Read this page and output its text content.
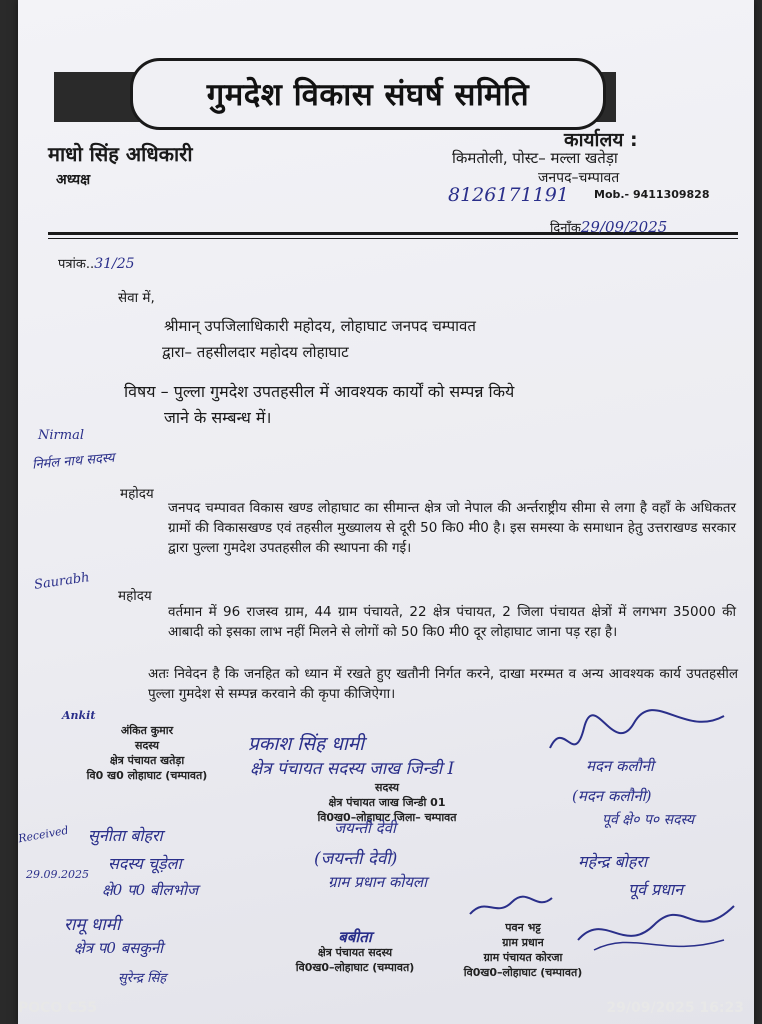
गुमदेश विकास संघर्ष समिति
कार्यालय :
माधो सिंह अधिकारी
अध्यक्ष
किमतोली, पोस्ट– मल्ला खतेड़ा
जनपद–चम्पावत
8126171191 Mob.- 9411309828
दिनाँक29/09/2025
पत्रांक..31/25
सेवा में,
श्रीमान् उपजिलाधिकारी महोदय, लोहाघाट जनपद चम्पावत
द्वारा– तहसीलदार महोदय लोहाघाट
विषय – पुल्ला गुमदेश उपतहसील में आवश्यक कार्यों को सम्पन्न किये
जाने के सम्बन्ध में।
Nirmal
निर्मल नाथ सदस्य
Saurabh
Received
29.09.2025
महोदय
जनपद चम्पावत विकास खण्ड लोहाघाट का सीमान्त क्षेत्र जो नेपाल की अर्न्तराष्ट्रीय सीमा से लगा है वहाँ के अधिकतर ग्रामों की विकासखण्ड एवं तहसील मुख्यालय से दूरी 50 कि0 मी0 है। इस समस्या के समाधान हेतु उत्तराखण्ड सरकार द्वारा पुल्ला गुमदेश उपतहसील की स्थापना की गई।
महोदय
वर्तमान में 96 राजस्व ग्राम, 44 ग्राम पंचायते, 22 क्षेत्र पंचायत, 2 जिला पंचायत क्षेत्रों में लगभग 35000 की आबादी को इसका लाभ नहीं मिलने से लोगों को 50 कि0 मी0 दूर लोहाघाट जाना पड़ रहा है।
अतः निवेदन है कि जनहित को ध्यान में रखते हुए खतौनी निर्गत करने, दाखा मरम्मत व अन्य आवश्यक कार्य उपतहसील पुल्ला गुमदेश से सम्पन्न करवाने की कृपा कीजिऐगा।
Ankit
अंकित कुमार
सदस्य
क्षेत्र पंचायत खतेड़ा
वि0 ख0 लोहाघाट (चम्पावत)
प्रकाश सिंह धामी
क्षेत्र पंचायत सदस्य जाख जिन्डी I
सदस्य
क्षेत्र पंचायत जाख जिन्डी 01
वि0ख0–लोहाघाट जिला– चम्पावत
जयन्ती देवी
(जयन्ती देवी)
ग्राम प्रधान कोयला
मदन कलौनी
(मदन कलौनी)
पूर्व क्षे० प० सदस्य
सुनीता बोहरा
सदस्य चूड़ेला
क्षे0 प0 बीलभोज
महेन्द्र बोहरा
पूर्व प्रधान
रामू धामी
क्षेत्र प0 बसकुनी
सुरेन्द्र सिंह
बबीता
क्षेत्र पंचायत सदस्य
वि0ख0–लोहाघाट (चम्पावत)
पवन भट्ट
ग्राम प्रधान
ग्राम पंचायत कोरजा
वि0ख0–लोहाघाट (चम्पावत)
POCO C55	29/09/2025 16:23
